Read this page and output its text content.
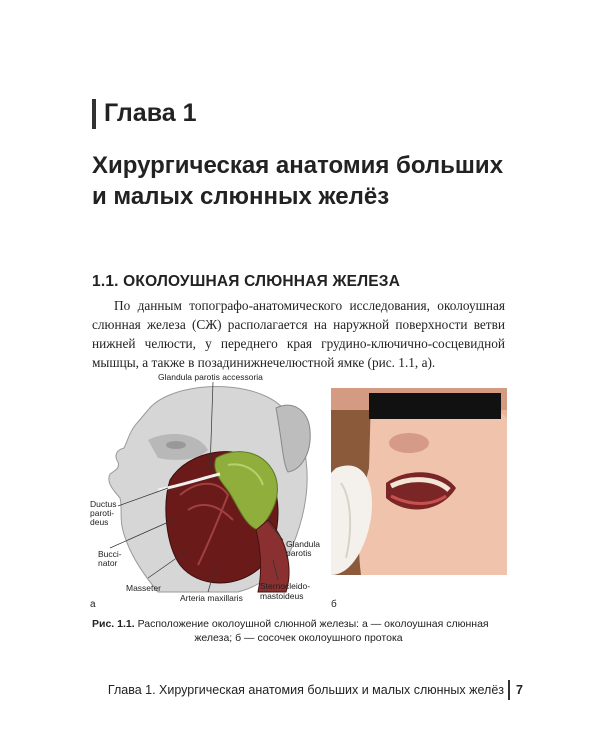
Глава 1
Хирургическая анатомия больших
и малых слюнных желёз
1.1. ОКОЛОУШНАЯ СЛЮННАЯ ЖЕЛЕЗА
По данным топографо-анатомического исследования, околоушная слюнная железа (СЖ) располагается на наружной поверхности ветви нижней челюсти, у переднего края грудино-ключично-сосцевидной мышцы, а также в позадинижнечелюстной ямке (рис. 1.1, а).
Glandula parotis accessoria
Ductus
paroti-
deus
Bucci-
nator
Masseter
Arteria maxillaris
Sternocleido-
mastoideus
Glandula
parotis
а	б
Рис. 1.1. Расположение околоушной слюнной железы: а — околоушная слюнная
железа; б — сосочек околоушного протока
Глава 1. Хирургическая анатомия больших и малых слюнных желёз 7
